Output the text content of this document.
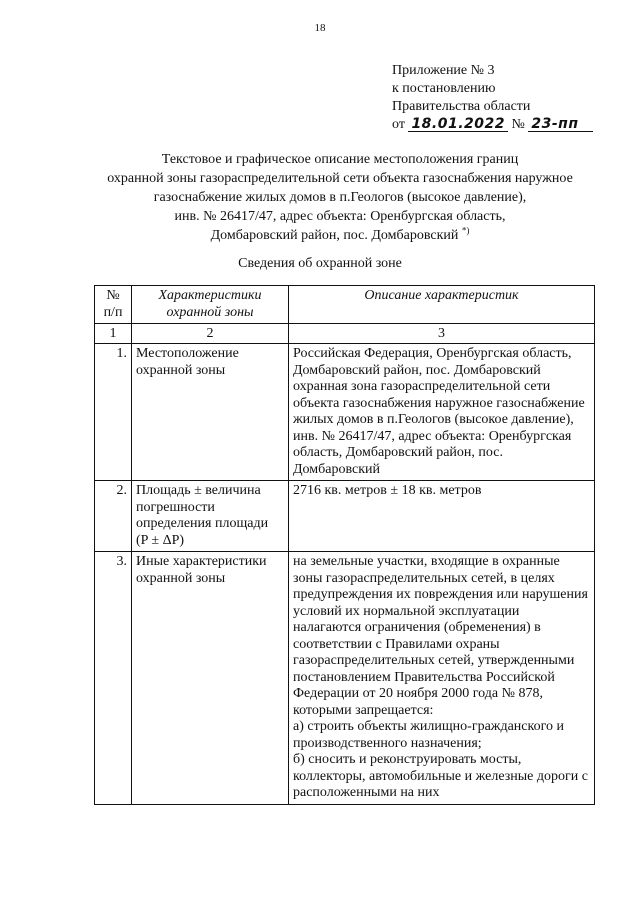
18
Приложение № 3
к постановлению
Правительства области
от 18.01.2022 № 23-пп
Текстовое и графическое описание местоположения границ
охранной зоны газораспределительной сети объекта газоснабжения наружное
газоснабжение жилых домов в п.Геологов (высокое давление),
инв. № 26417/47, адрес объекта: Оренбургская область,
Домбаровский район, пос. Домбаровский *)
Сведения об охранной зоне
№ п/п	Характеристики охранной зоны	Описание характеристик
1	2	3
1.	Местоположение охранной зоны	Российская Федерация, Оренбургская область, Домбаровский район, пос. Домбаровский охранная зона газораспределительной сети объекта газоснабжения наружное газоснабжение жилых домов в п.Геологов (высокое давление), инв. № 26417/47, адрес объекта: Оренбургская область, Домбаровский район, пос. Домбаровский
2.	Площадь ± величина погрешности определения площади (P ± ΔP)	2716 кв. метров ± 18 кв. метров
3.	Иные характеристики охранной зоны	на земельные участки, входящие в охранные зоны газораспределительных сетей, в целях предупреждения их повреждения или нарушения условий их нормальной эксплуатации налагаются ограничения (обременения) в соответствии с Правилами охраны газораспределительных сетей, утвержденными постановлением Правительства Российской Федерации от 20 ноября 2000 года № 878, которыми запрещается:
а) строить объекты жилищно-гражданского и производственного назначения;
б) сносить и реконструировать мосты, коллекторы, автомобильные и железные дороги с расположенными на них
